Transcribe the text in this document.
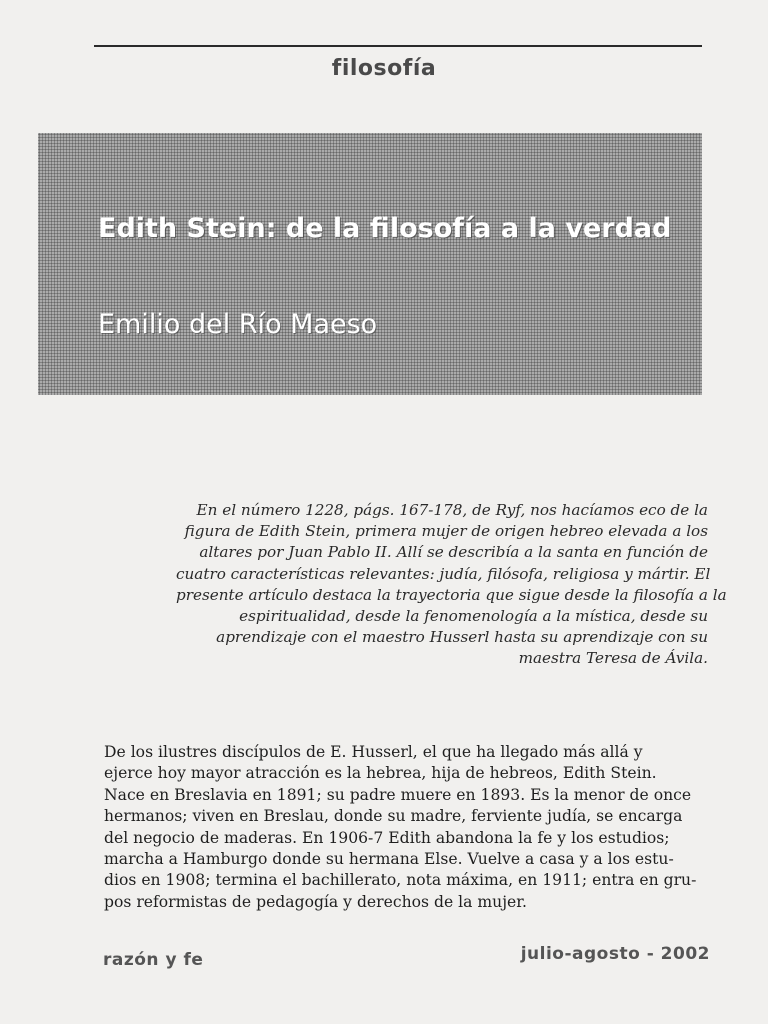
filosofía
Edith Stein: de la filosofía a la verdad
Emilio del Río Maeso

En el número 1228, págs. 167-178, de Ryf, nos hacíamos eco de la

figura de Edith Stein, primera mujer de origen hebreo elevada a los

altares por Juan Pablo II. Allí se describía a la santa en función de

cuatro características relevantes: judía, filósofa, religiosa y mártir. El

presente artículo destaca la trayectoria que sigue desde la filosofía a la

espiritualidad, desde la fenomenología a la mística, desde su

aprendizaje con el maestro Husserl hasta su aprendizaje con su

maestra Teresa de Ávila.

De los ilustres discípulos de E. Husserl, el que ha llegado más allá y

ejerce hoy mayor atracción es la hebrea, hija de hebreos, Edith Stein.

Nace en Breslavia en 1891; su padre muere en 1893. Es la menor de once

hermanos; viven en Breslau, donde su madre, ferviente judía, se encarga

del negocio de maderas. En 1906-7 Edith abandona la fe y los estudios;

marcha a Hamburgo donde su hermana Else. Vuelve a casa y a los estu-

dios en 1908; termina el bachillerato, nota máxima, en 1911; entra en gru-

pos reformistas de pedagogía y derechos de la mujer.

razón y fe	julio-agosto - 2002
